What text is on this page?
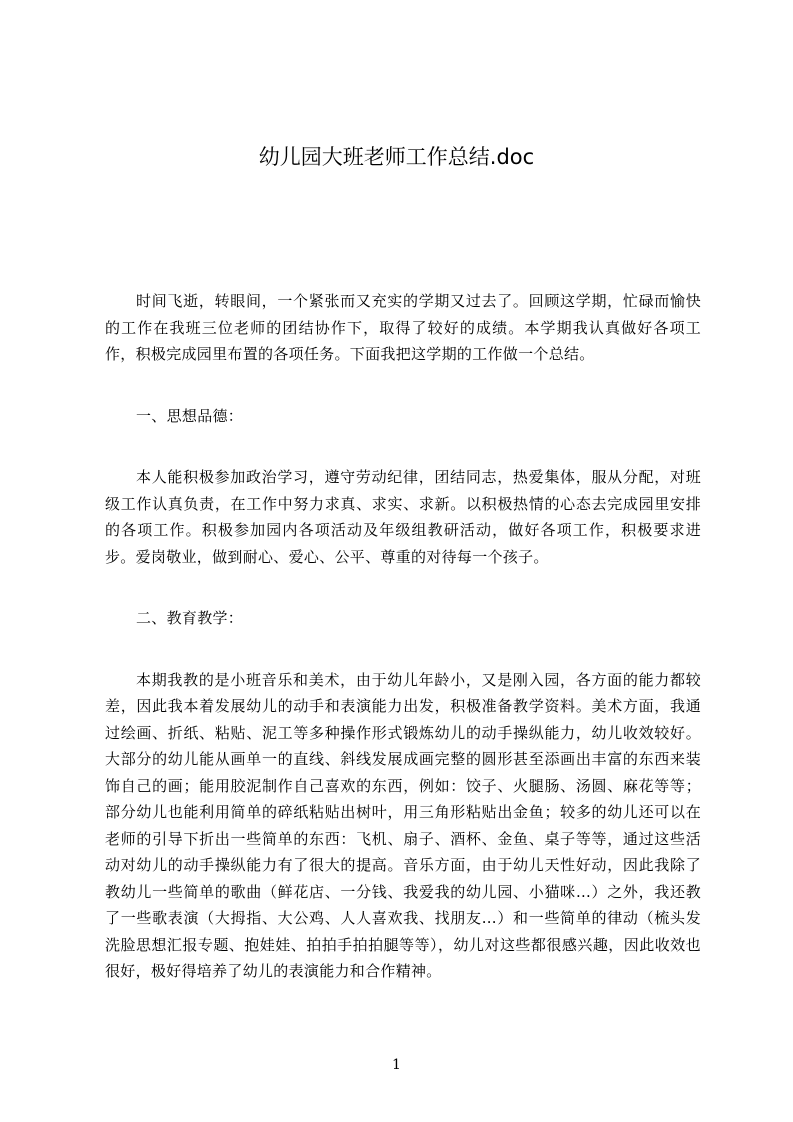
幼儿园大班老师工作总结.doc

时间飞逝，转眼间，一个紧张而又充实的学期又过去了。回顾这学期，忙碌而愉快的工作在我班三位老师的团结协作下，取得了较好的成绩。本学期我认真做好各项工作，积极完成园里布置的各项任务。下面我把这学期的工作做一个总结。

一、思想品德：

本人能积极参加政治学习，遵守劳动纪律，团结同志，热爱集体，服从分配，对班级工作认真负责，在工作中努力求真、求实、求新。以积极热情的心态去完成园里安排的各项工作。积极参加园内各项活动及年级组教研活动，做好各项工作，积极要求进步。爱岗敬业，做到耐心、爱心、公平、尊重的对待每一个孩子。

二、教育教学：

本期我教的是小班音乐和美术，由于幼儿年龄小，又是刚入园，各方面的能力都较差，因此我本着发展幼儿的动手和表演能力出发，积极准备教学资料。美术方面，我通过绘画、折纸、粘贴、泥工等多种操作形式锻炼幼儿的动手操纵能力，幼儿收效较好。大部分的幼儿能从画单一的直线、斜线发展成画完整的圆形甚至添画出丰富的东西来装饰自己的画；能用胶泥制作自己喜欢的东西，例如：饺子、火腿肠、汤圆、麻花等等；部分幼儿也能利用简单的碎纸粘贴出树叶，用三角形粘贴出金鱼；较多的幼儿还可以在老师的引导下折出一些简单的东西：飞机、扇子、酒杯、金鱼、桌子等等，通过这些活动对幼儿的动手操纵能力有了很大的提高。音乐方面，由于幼儿天性好动，因此我除了教幼儿一些简单的歌曲（鲜花店、一分钱、我爱我的幼儿园、小猫咪…）之外，我还教了一些歌表演（大拇指、大公鸡、人人喜欢我、找朋友…）和一些简单的律动（梳头发洗脸思想汇报专题、抱娃娃、拍拍手拍拍腿等等），幼儿对这些都很感兴趣，因此收效也很好，极好得培养了幼儿的表演能力和合作精神。

1
